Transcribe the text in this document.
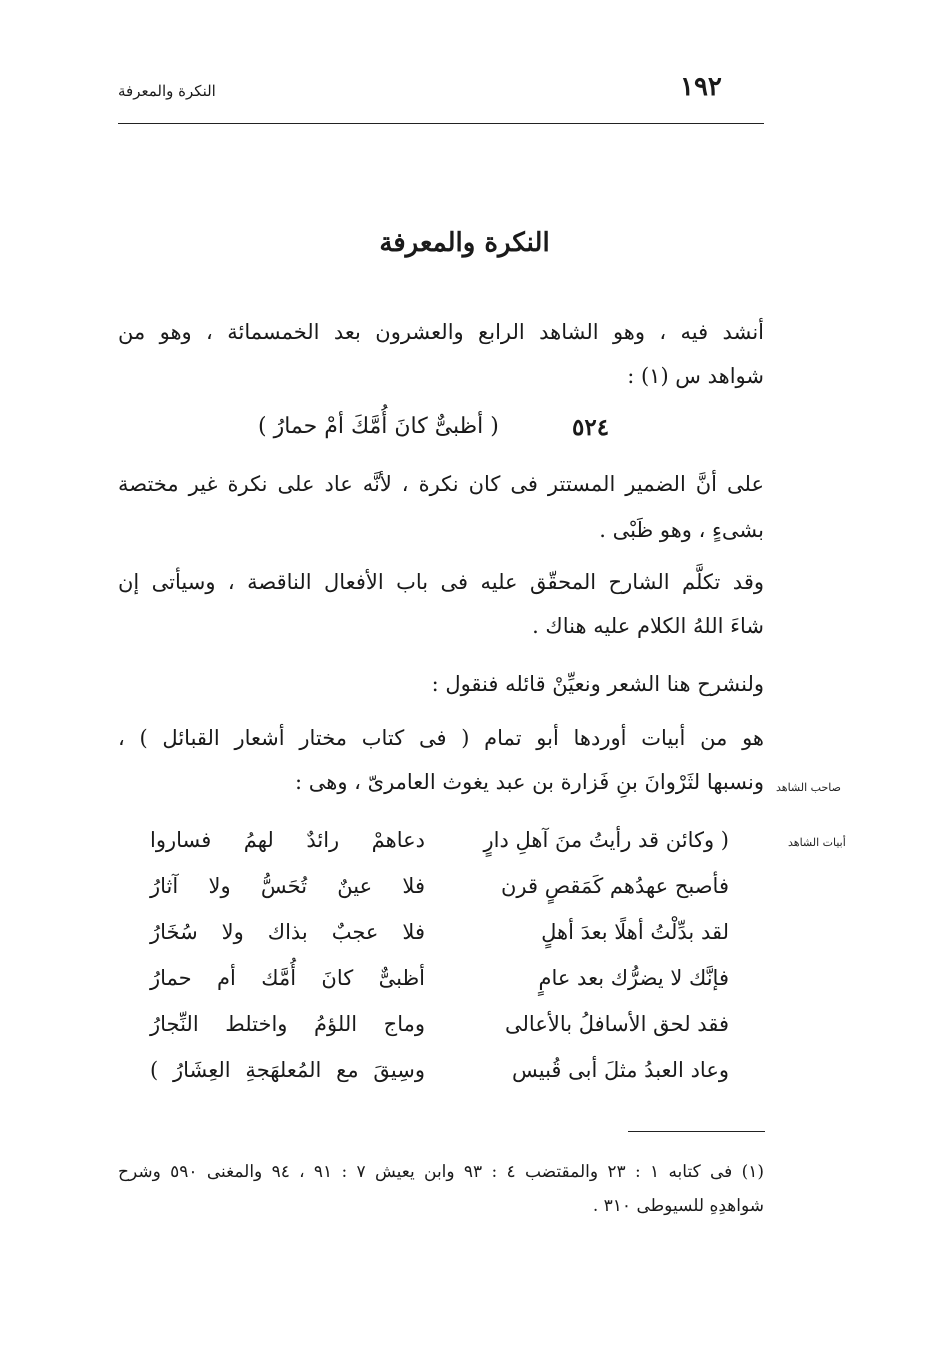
١٩٢
النكرة والمعرفة
النكرة والمعرفة
أنشد فيه ، وهو الشاهد الرابع والعشرون بعد الخمسمائة ، وهو من
شواهد س (١) :
٥٢٤
( أظبىٌّ كانَ أُمَّكَ أمْ حمارُ )
على أنَّ الضمير المستتر فى كان نكرة ، لأنَّه عاد على نكرة غير مختصة
بشىءٍ ، وهو ظَبْى .
وقد تكلَّم الشارح المحقّق عليه فى باب الأفعال الناقصة ، وسيأتى إن
شاءَ اللهُ الكلام عليه هناك .
ولنشرح هنا الشعر ونعيِّنْ قائله فنقول :
هو من أبيات أوردها أبو تمام ( فى كتاب مختار أشعار القبائل ) ،
ونسبها لثَرْوانَ بنِ فَزارة بن عبد يغوث العامرىّ ، وهى : صاحب الشاهد
أبيات الشاهد
( وكائن قد رأيتُ منَ آهلِ دارٍ
دعاهمْ رائدٌ لهمُ فساروا
فأصبح عهدُهم كَمَقصٍ قرن
فلا عينٌ تُحَسُّ ولا آثارُ
لقد بدِّلْتُ أهلًا بعدَ أهلٍ
فلا عجبٌ بذاك ولا سُخَارُ
فإنَّك لا يضرُّك بعد عامٍ
أظبىٌّ كانَ أُمَّك أم حمارُ
فقد لحق الأسافلُ بالأعالى
وماج اللؤمُ واختلط النِّجارُ
وعاد العبدُ مثلَ أبى قُبيس
وسِيقَ مع المُعلهَجةِ العِشَارُ )
(١) فى كتابه ١ : ٢٣ والمقتضب ٤ : ٩٣ وابن يعيش ٧ : ٩١ ، ٩٤ والمغنى ٥٩٠ وشرح
شواهدِهِ للسيوطى ٣١٠ .
